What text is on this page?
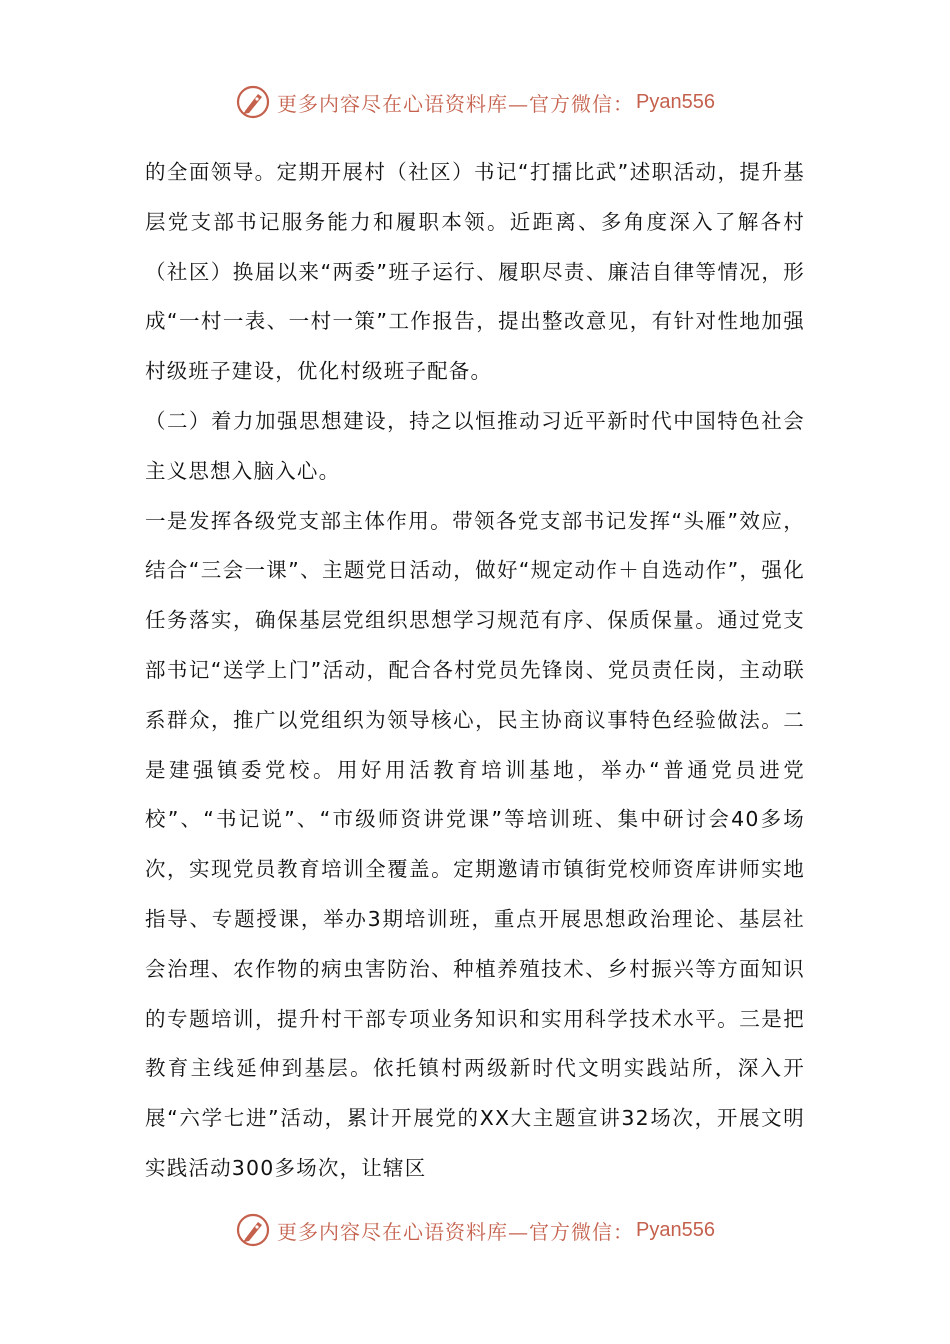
更多内容尽在心语资料库—官方微信： Pyan556

的全面领导。定期开展村（社区）书记“打擂比武”述职活动，提升基层党支部书记服务能力和履职本领。近距离、多角度深入了解各村（社区）换届以来“两委”班子运行、履职尽责、廉洁自律等情况，形成“一村一表、一村一策”工作报告，提出整改意见，有针对性地加强村级班子建设，优化村级班子配备。

（二）着力加强思想建设，持之以恒推动习近平新时代中国特色社会主义思想入脑入心。

一是发挥各级党支部主体作用。带领各党支部书记发挥“头雁”效应，结合“三会一课”、主题党日活动，做好“规定动作＋自选动作”，强化任务落实，确保基层党组织思想学习规范有序、保质保量。通过党支部书记“送学上门”活动，配合各村党员先锋岗、党员责任岗，主动联系群众，推广以党组织为领导核心，民主协商议事特色经验做法。二是建强镇委党校。用好用活教育培训基地，举办“普通党员进党校”、“书记说”、“市级师资讲党课”等培训班、集中研讨会40多场次，实现党员教育培训全覆盖。定期邀请市镇街党校师资库讲师实地指导、专题授课，举办3期培训班，重点开展思想政治理论、基层社会治理、农作物的病虫害防治、种植养殖技术、乡村振兴等方面知识的专题培训，提升村干部专项业务知识和实用科学技术水平。三是把教育主线延伸到基层。依托镇村两级新时代文明实践站所，深入开展“六学七进”活动，累计开展党的XX大主题宣讲32场次，开展文明实践活动300多场次，让辖区

更多内容尽在心语资料库—官方微信： Pyan556
